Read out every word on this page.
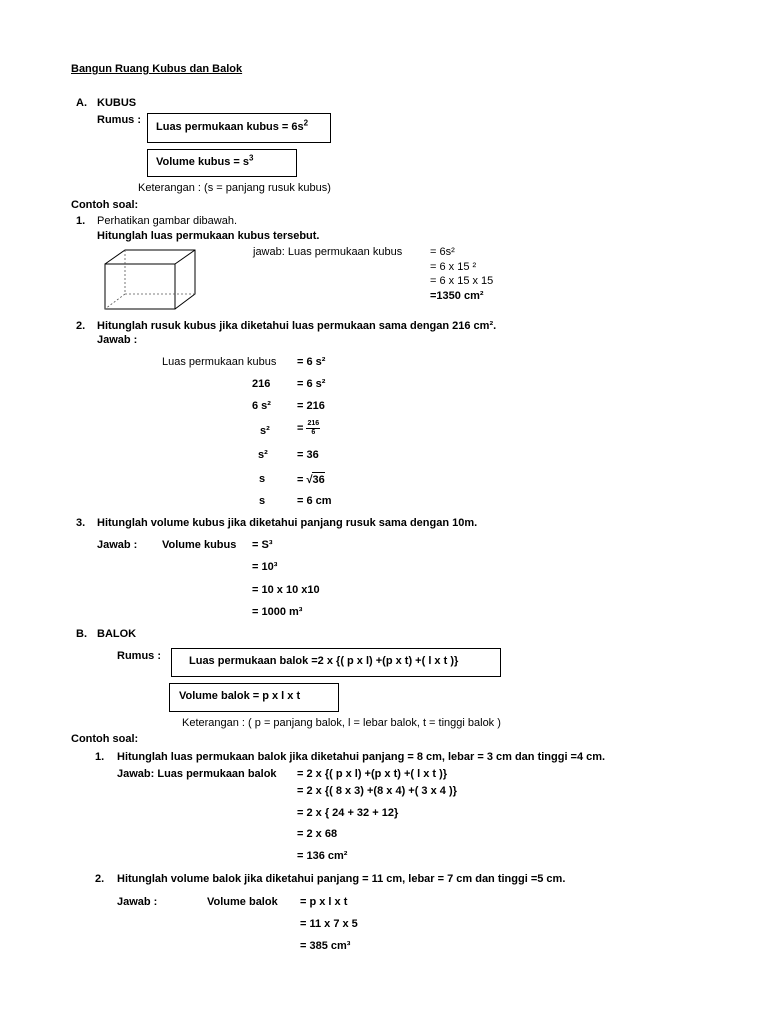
Bangun Ruang Kubus dan Balok
A. KUBUS
Rumus :
Luas permukaan kubus = $6s^2$
Volume kubus = $s^3$
Keterangan : (s = panjang rusuk kubus)
Contoh soal:
1. Perhatikan gambar dibawah.
Hitunglah luas permukaan kubus tersebut.
jawab: Luas permukaan kubus	= 6s²
= 6 x 15 ²
= 6 x 15 x 15
=1350 cm²
2. Hitunglah rusuk kubus jika diketahui luas permukaan sama dengan 216 cm².
Jawab :
Luas permukaan kubus = 6 s²
216 = 6 s²
6 s² = 216
$s^2 = \frac{216}{6}$
s²	= 36
s	= √36
s	= 6 cm
3. Hitunglah volume kubus jika diketahui panjang rusuk sama dengan 10m.
Jawab : Volume kubus = S³
= 10³
= 10 x 10 x10
= 1000 m³
B. BALOK
Rumus :	Luas permukaan balok =2 x {( p x l) +(p x t) +( l x t )}
Volume balok = p x l x t
Keterangan : ( p = panjang balok, l = lebar balok, t = tinggi balok )
Contoh soal:
1. Hitunglah luas permukaan balok jika diketahui panjang = 8 cm, lebar = 3 cm dan tinggi =4 cm.
Jawab: Luas permukaan balok = 2 x {( p x l) +(p x t) +( l x t )}
= 2 x {( 8 x 3) +(8 x 4) +( 3 x 4 )}
= 2 x { 24 + 32 + 12}
= 2 x 68
= 136 cm²
2. Hitunglah volume balok jika diketahui panjang = 11 cm, lebar = 7 cm dan tinggi =5 cm.
Jawab :	Volume balok = p x l x t
= 11 x 7 x 5
= 385 cm³
